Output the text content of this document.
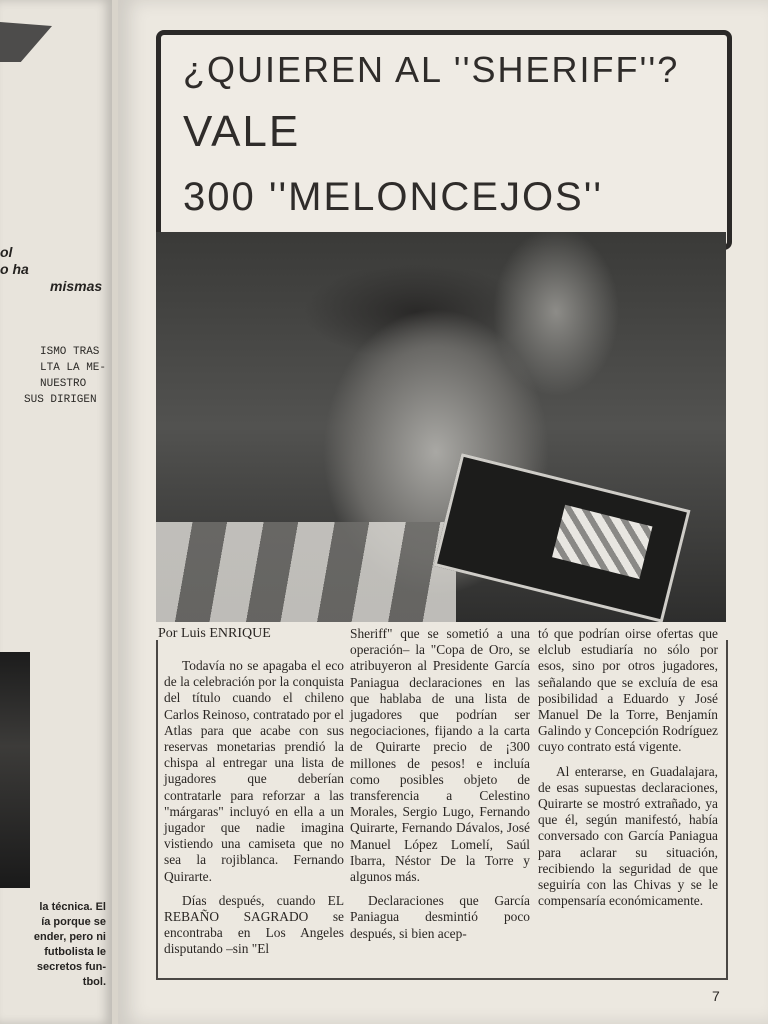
ol
o ha
mismas
ISMO TRAS
LTA LA ME-
NUESTRO
SUS DIRIGEN
la técnica. El
ía porque se
ender, pero ni
futbolista le
secretos fun-
tbol.
¿QUIEREN AL ''SHERIFF''?
VALE
300 ''MELONCEJOS''
Por Luis ENRIQUE

Todavía no se apagaba el eco de la celebración por la conquista del título cuando el chileno Carlos Reinoso, contratado por el Atlas para que acabe con sus reservas monetarias prendió la chispa al entregar una lista de jugadores que deberían contratarle para reforzar a las "márgaras" incluyó en ella a un jugador que nadie imagina vistiendo una camiseta que no sea la rojiblanca. Fernando Quirarte.

Días después, cuando EL REBAÑO SAGRADO se encontraba en Los Angeles disputando –sin "El

Sheriff" que se sometió a una operación– la "Copa de Oro, se atribuyeron al Presidente García Paniagua declaraciones en las que hablaba de una lista de jugadores que podrían ser negociaciones, fijando a la carta de Quirarte precio de ¡300 millones de pesos! e incluía como posibles objeto de transferencia a Celestino Morales, Sergio Lugo, Fernando Quirarte, Fernando Dávalos, José Manuel López Lomelí, Saúl Ibarra, Néstor De la Torre y algunos más.

Declaraciones que García Paniagua desmintió poco después, si bien acep-

tó que podrían oirse ofertas que elclub estudiaría no sólo por esos, sino por otros jugadores, señalando que se excluía de esa posibilidad a Eduardo y José Manuel De la Torre, Benjamín Galindo y Concepción Rodríguez cuyo contrato está vigente.

Al enterarse, en Guadalajara, de esas supuestas declaraciones, Quirarte se mostró extrañado, ya que él, según manifestó, había conversado con García Paniagua para aclarar su situación, recibiendo la seguridad de que seguiría con las Chivas y se le compensaría económicamente.

7
